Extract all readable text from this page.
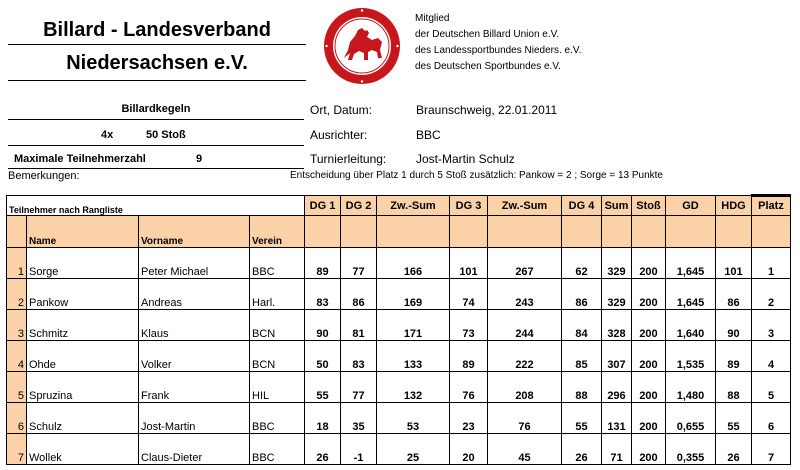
Billard - Landesverband
Niedersachsen e.V.
Mitglied
der Deutschen Billard Union e.V.
des Landessportbundes Nieders. e.V.
des Deutschen Sportbundes e.V.
Billardkegeln
4x	50 Stoß
Maximale Teilnehmerzahl	9
Ort, Datum:	Braunschweig, 22.01.2011
Ausrichter:	BBC
Turnierleitung: Jost-Martin Schulz
Bemerkungen:	Entscheidung über Platz 1 durch 5 Stoß zusätzlich: Pankow = 2 ; Sorge = 13 Punkte
Teilnehmer nach Rangliste				DG 1	DG 2	Zw.-Sum	DG 3	Zw.-Sum	DG 4	Sum	Stoß	GD	HDG	Platz
	Name	Vorname	Verein											
1	Sorge	Peter Michael	BBC	89	77	166	101	267	62	329	200	1,645	101	1
2	Pankow	Andreas	Harl.	83	86	169	74	243	86	329	200	1,645	86	2
3	Schmitz	Klaus	BCN	90	81	171	73	244	84	328	200	1,640	90	3
4	Ohde	Volker	BCN	50	83	133	89	222	85	307	200	1,535	89	4
5	Spruzina	Frank	HIL	55	77	132	76	208	88	296	200	1,480	88	5
6	Schulz	Jost-Martin	BBC	18	35	53	23	76	55	131	200	0,655	55	6
7	Wollek	Claus-Dieter	BBC	26	-1	25	20	45	26	71	200	0,355	26	7
